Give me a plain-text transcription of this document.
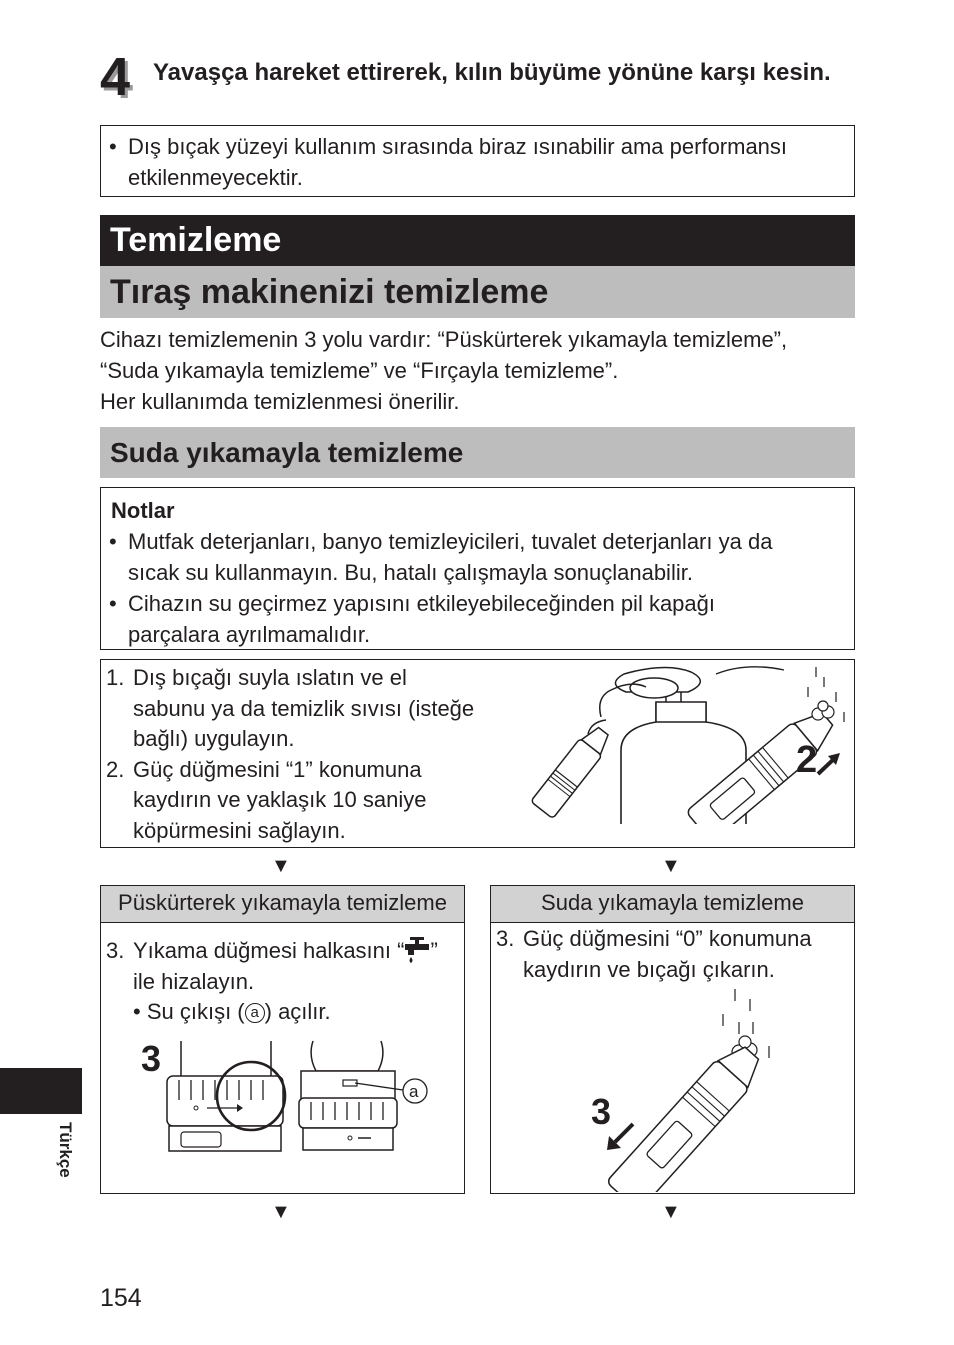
4 Yavaşça hareket ettirerek, kılın büyüme yönüne karşı kesin.
• Dış bıçak yüzeyi kullanım sırasında biraz ısınabilir ama performansı etkilenmeyecektir.
Temizleme
Tıraş makinenizi temizleme
Cihazı temizlemenin 3 yolu vardır: “Püskürterek yıkamayla temizleme”,
“Suda yıkamayla temizleme” ve “Fırçayla temizleme”.
Her kullanımda temizlenmesi önerilir.
Suda yıkamayla temizleme
Notlar
• Mutfak deterjanları, banyo temizleyicileri, tuvalet deterjanları ya da
sıcak su kullanmayın. Bu, hatalı çalışmayla sonuçlanabilir.
• Cihazın su geçirmez yapısını etkileyebileceğinden pil kapağı
parçalara ayrılmamalıdır.
1. Dış bıçağı suyla ıslatın ve el
sabunu ya da temizlik sıvısı (isteğe
bağlı) uygulayın.
2. Güç düğmesini “1” konumuna
kaydırın ve yaklaşık 10 saniye
köpürmesini sağlayın.
2
▼	▼
Püskürterek yıkamayla temizleme
3. Yıkama düğmesi halkasını “ ”
ile hizalayın.
• Su çıkışı ( a ) açılır.
3
a
Suda yıkamayla temizleme
3. Güç düğmesini “0” konumuna
kaydırın ve bıçağı çıkarın.
3
▼	▼
Türkçe
154
